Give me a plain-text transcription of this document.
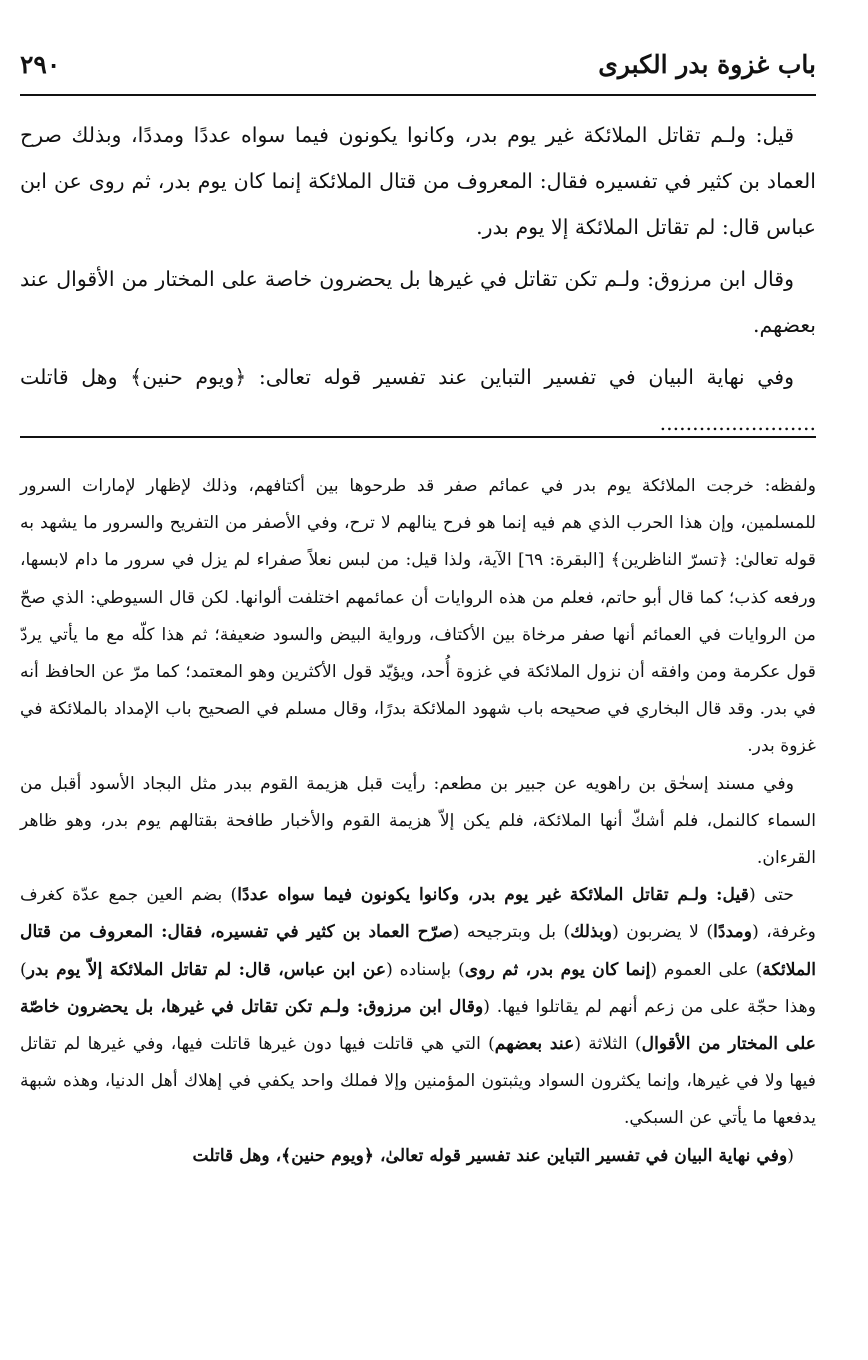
باب غزوة بدر الكبرى
٢٩٠

قيل: ولـم تقاتل الملائكة غير يوم بدر، وكانوا يكونون فيما سواه عددًا ومددًا، وبذلك صرح العماد بن كثير في تفسيره فقال: المعروف من قتال الملائكة إنما كان يوم بدر، ثم روى عن ابن عباس قال: لم تقاتل الملائكة إلا يوم بدر.

وقال ابن مرزوق: ولـم تكن تقاتل في غيرها بل يحضرون خاصة على المختار من الأقوال عند بعضهم.

وفي نهاية البيان في تفسير التباين عند تفسير قوله تعالى: ﴿ويوم حنين﴾ وهل قاتلت ........................

ولفظه: خرجت الملائكة يوم بدر في عمائم صفر قد طرحوها بين أكتافهم، وذلك لإظهار لإمارات السرور للمسلمين، وإن هذا الحرب الذي هم فيه إنما هو فرح ينالهم لا ترح، وفي الأصفر من التفريح والسرور ما يشهد به قوله تعالىٰ: ﴿تسرّ الناظرين﴾ [البقرة: ٦٩] الآية، ولذا قيل: من لبس نعلاً صفراء لم يزل في سرور ما دام لابسها، ورفعه كذب؛ كما قال أبو حاتم، فعلم من هذه الروايات أن عمائمهم اختلفت ألوانها. لكن قال السيوطي: الذي صحّ من الروايات في العمائم أنها صفر مرخاة بين الأكتاف، ورواية البيض والسود ضعيفة؛ ثم هذا كلّه مع ما يأتي يردّ قول عكرمة ومن وافقه أن نزول الملائكة في غزوة أُحد، ويؤيّد قول الأكثرين وهو المعتمد؛ كما مرّ عن الحافظ أنه في بدر. وقد قال البخاري في صحيحه باب شهود الملائكة بدرًا، وقال مسلم في الصحيح باب الإمداد بالملائكة في غزوة بدر.

وفي مسند إسحٰق بن راهويه عن جبير بن مطعم: رأيت قبل هزيمة القوم ببدر مثل البجاد الأسود أقبل من السماء كالنمل، فلم أشكّ أنها الملائكة، فلم يكن إلاّ هزيمة القوم والأخبار طافحة بقتالهم يوم بدر، وهو ظاهر القرءان.

حتى (قيل: ولـم تقاتل الملائكة غير يوم بدر، وكانوا يكونون فيما سواه عددًا) بضم العين جمع عدّة كغرف وغرفة، (ومددًا) لا يضربون (وبذلك) بل وبترجيحه (صرّح العماد بن كثير في تفسيره، فقال: المعروف من قتال الملائكة) على العموم (إنما كان يوم بدر، ثم روى) بإسناده (عن ابن عباس، قال: لم تقاتل الملائكة إلاّ يوم بدر) وهذا حجّة على من زعم أنهم لم يقاتلوا فيها. (وقال ابن مرزوق: ولـم تكن تقاتل في غيرها، بل يحضرون خاصّة على المختار من الأقوال) الثلاثة (عند بعضهم) التي هي قاتلت فيها دون غيرها قاتلت فيها، وفي غيرها لم تقاتل فيها ولا في غيرها، وإنما يكثرون السواد ويثبتون المؤمنين وإلا فملك واحد يكفي في إهلاك أهل الدنيا، وهذه شبهة يدفعها ما يأتي عن السبكي.

(وفي نهاية البيان في تفسير التباين عند تفسير قوله تعالىٰ، ﴿ويوم حنين﴾، وهل قاتلت
